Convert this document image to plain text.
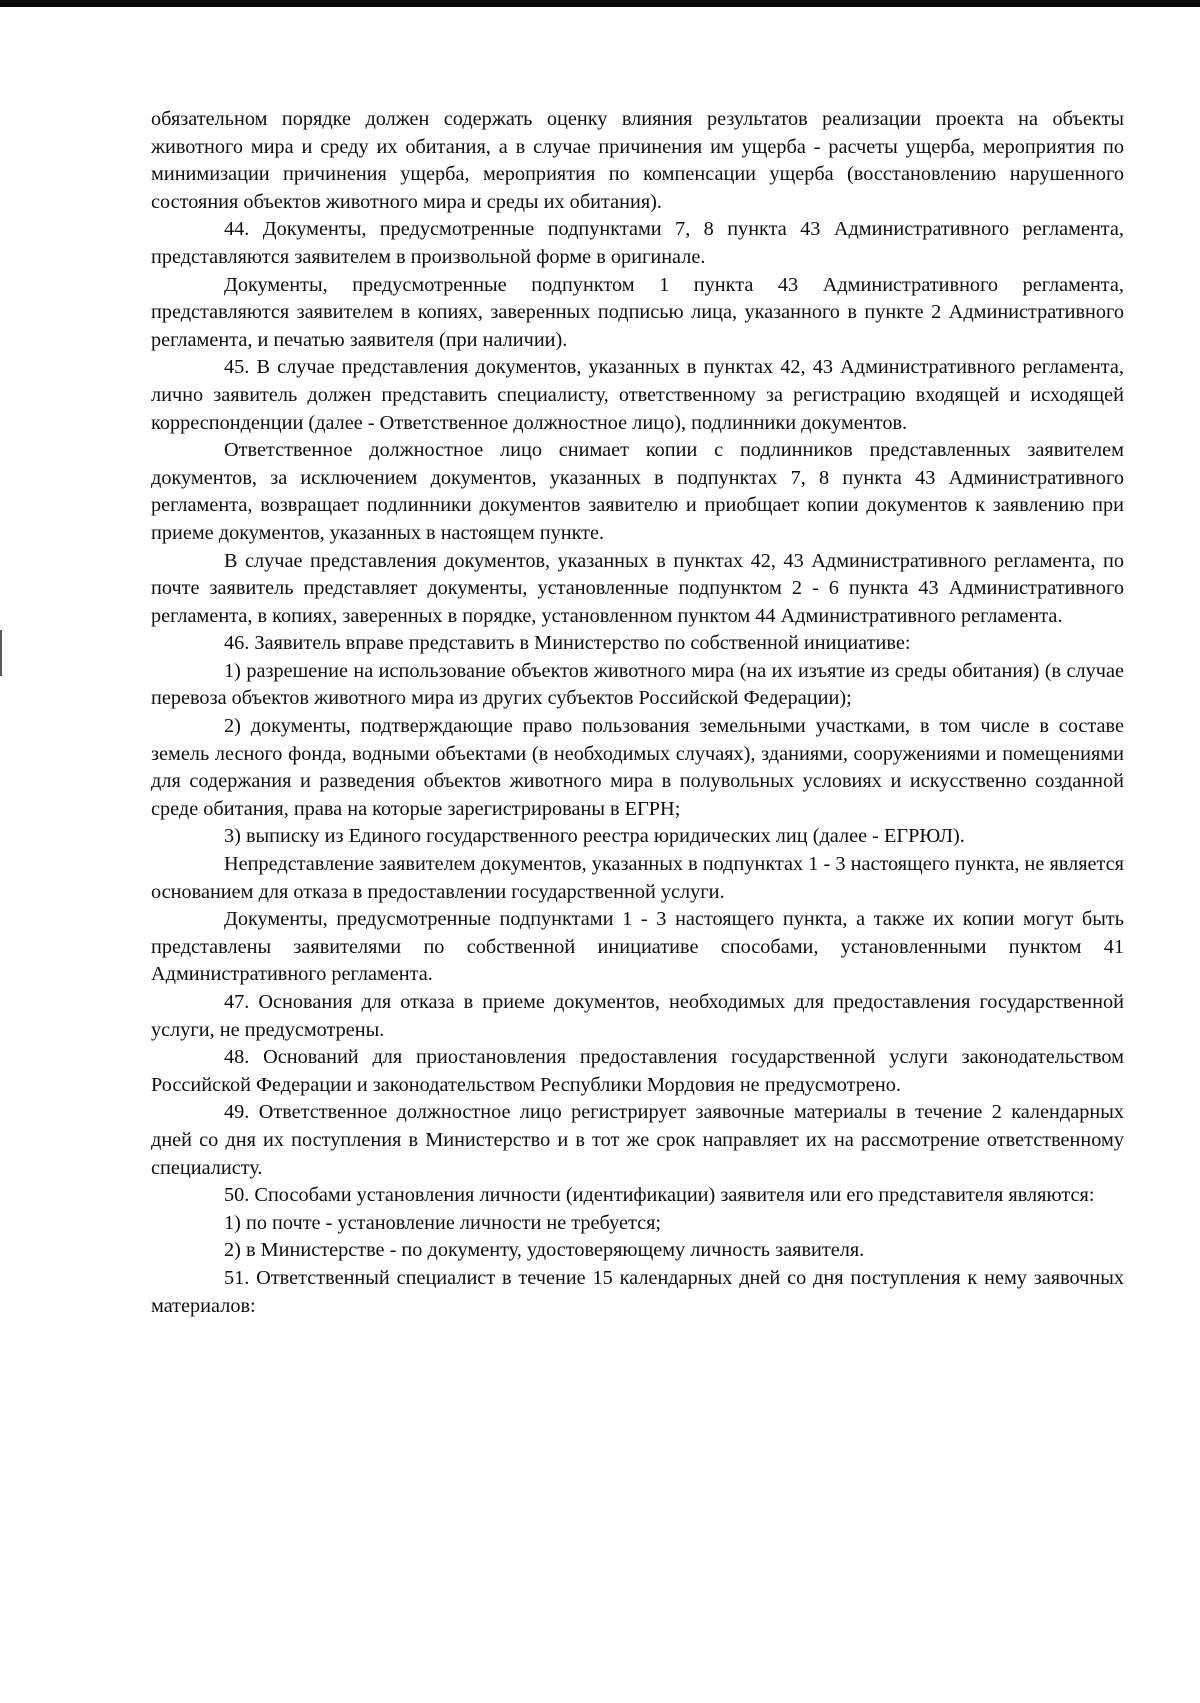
обязательном порядке должен содержать оценку влияния результатов реализации проекта на объекты животного мира и среду их обитания, а в случае причинения им ущерба - расчеты ущерба, мероприятия по минимизации причинения ущерба, мероприятия по компенсации ущерба (восстановлению нарушенного состояния объектов животного мира и среды их обитания).

44. Документы, предусмотренные подпунктами 7, 8 пункта 43 Административного регламента, представляются заявителем в произвольной форме в оригинале.

Документы, предусмотренные подпунктом 1 пункта 43 Административного регламента, представляются заявителем в копиях, заверенных подписью лица, указанного в пункте 2 Административного регламента, и печатью заявителя (при наличии).

45. В случае представления документов, указанных в пунктах 42, 43 Административного регламента, лично заявитель должен представить специалисту, ответственному за регистрацию входящей и исходящей корреспонденции (далее - Ответственное должностное лицо), подлинники документов.

Ответственное должностное лицо снимает копии с подлинников представленных заявителем документов, за исключением документов, указанных в подпунктах 7, 8 пункта 43 Административного регламента, возвращает подлинники документов заявителю и приобщает копии документов к заявлению при приеме документов, указанных в настоящем пункте.

В случае представления документов, указанных в пунктах 42, 43 Административного регламента, по почте заявитель представляет документы, установленные подпунктом 2 - 6 пункта 43 Административного регламента, в копиях, заверенных в порядке, установленном пунктом 44 Административного регламента.

46. Заявитель вправе представить в Министерство по собственной инициативе:

1) разрешение на использование объектов животного мира (на их изъятие из среды обитания) (в случае перевоза объектов животного мира из других субъектов Российской Федерации);

2) документы, подтверждающие право пользования земельными участками, в том числе в составе земель лесного фонда, водными объектами (в необходимых случаях), зданиями, сооружениями и помещениями для содержания и разведения объектов животного мира в полувольных условиях и искусственно созданной среде обитания, права на которые зарегистрированы в ЕГРН;

3) выписку из Единого государственного реестра юридических лиц (далее - ЕГРЮЛ).

Непредставление заявителем документов, указанных в подпунктах 1 - 3 настоящего пункта, не является основанием для отказа в предоставлении государственной услуги.

Документы, предусмотренные подпунктами 1 - 3 настоящего пункта, а также их копии могут быть представлены заявителями по собственной инициативе способами, установленными пунктом 41 Административного регламента.

47. Основания для отказа в приеме документов, необходимых для предоставления государственной услуги, не предусмотрены.

48. Оснований для приостановления предоставления государственной услуги законодательством Российской Федерации и законодательством Республики Мордовия не предусмотрено.

49. Ответственное должностное лицо регистрирует заявочные материалы в течение 2 календарных дней со дня их поступления в Министерство и в тот же срок направляет их на рассмотрение ответственному специалисту.

50. Способами установления личности (идентификации) заявителя или его представителя являются:

1) по почте - установление личности не требуется;

2) в Министерстве - по документу, удостоверяющему личность заявителя.

51. Ответственный специалист в течение 15 календарных дней со дня поступления к нему заявочных материалов:
